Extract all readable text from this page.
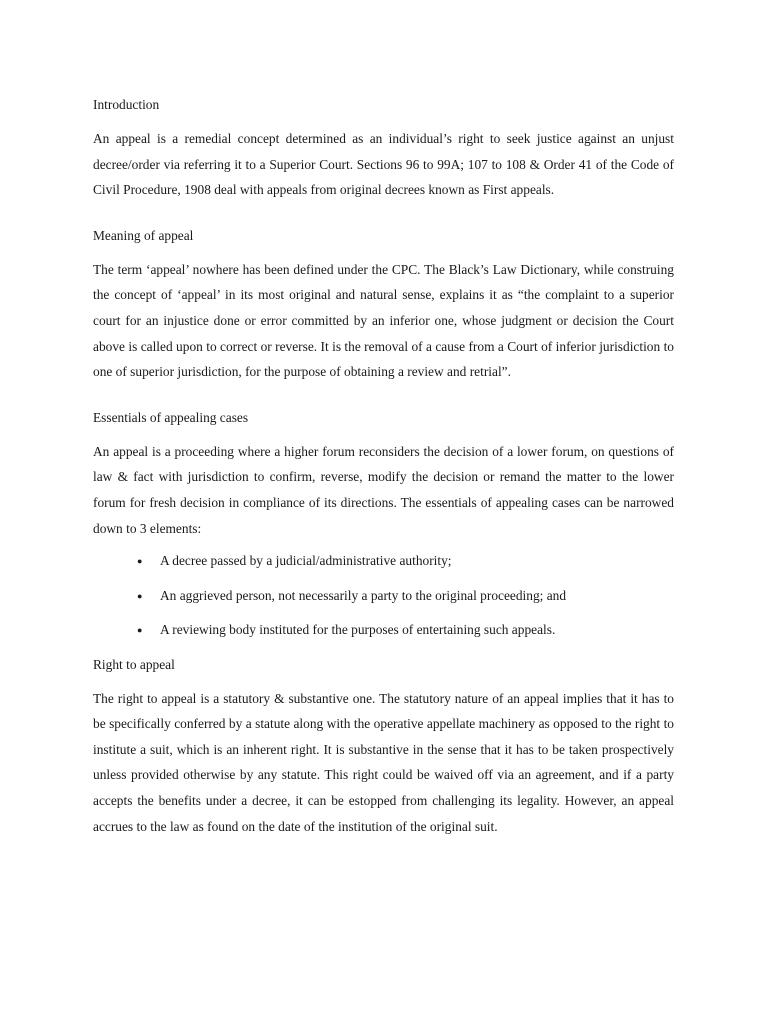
Introduction

An appeal is a remedial concept determined as an individual’s right to seek justice against an unjust decree/order via referring it to a Superior Court. Sections 96 to 99A; 107 to 108 & Order 41 of the Code of Civil Procedure, 1908 deal with appeals from original decrees known as First appeals.

Meaning of appeal

The term ‘appeal’ nowhere has been defined under the CPC. The Black’s Law Dictionary, while construing the concept of ‘appeal’ in its most original and natural sense, explains it as “the complaint to a superior court for an injustice done or error committed by an inferior one, whose judgment or decision the Court above is called upon to correct or reverse. It is the removal of a cause from a Court of inferior jurisdiction to one of superior jurisdiction, for the purpose of obtaining a review and retrial”.

Essentials of appealing cases

An appeal is a proceeding where a higher forum reconsiders the decision of a lower forum, on questions of law & fact with jurisdiction to confirm, reverse, modify the decision or remand the matter to the lower forum for fresh decision in compliance of its directions. The essentials of appealing cases can be narrowed down to 3 elements:

● A decree passed by a judicial/administrative authority;
● An aggrieved person, not necessarily a party to the original proceeding; and
● A reviewing body instituted for the purposes of entertaining such appeals.
Right to appeal

The right to appeal is a statutory & substantive one. The statutory nature of an appeal implies that it has to be specifically conferred by a statute along with the operative appellate machinery as opposed to the right to institute a suit, which is an inherent right. It is substantive in the sense that it has to be taken prospectively unless provided otherwise by any statute. This right could be waived off via an agreement, and if a party accepts the benefits under a decree, it can be estopped from challenging its legality. However, an appeal accrues to the law as found on the date of the institution of the original suit.
